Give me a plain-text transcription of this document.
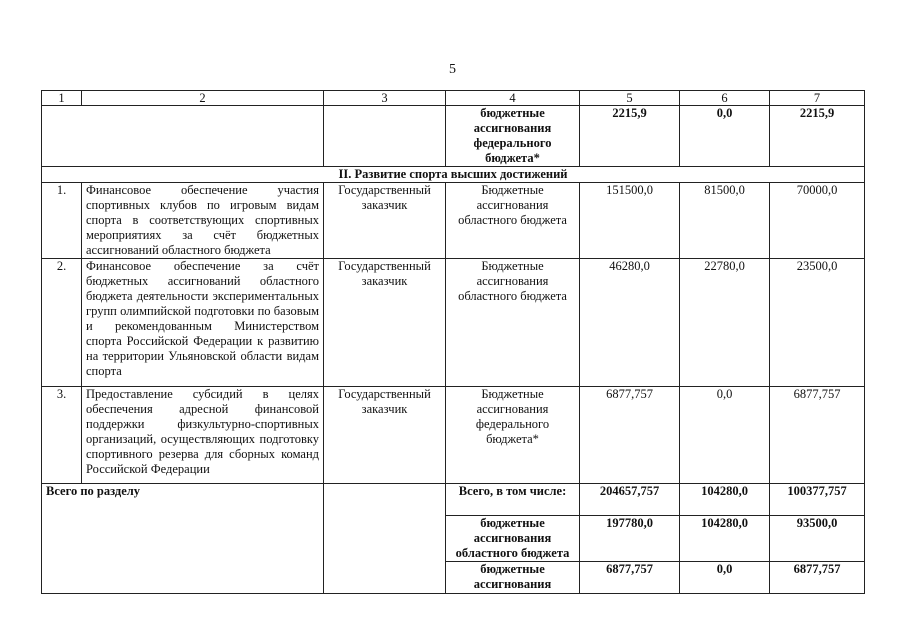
5
1	2	3	4	5	6	7
			бюджетные ассигнования федерального бюджета*	2215,9	0,0	2215,9
II. Развитие спорта высших достижений						
1.	Финансовое обеспечение участия спортивных клубов по игровым видам спорта в соответствующих спортивных мероприятиях за счёт бюджетных ассигнований областного бюджета	Государственный заказчик	Бюджетные ассигнования областного бюджета	151500,0	81500,0	70000,0
2.	Финансовое обеспечение за счёт бюджетных ассигнований областного бюджета деятельности экспериментальных групп олимпийской подготовки по базовым и рекомендованным Министерством спорта Российской Федерации к развитию на территории Ульяновской области видам спорта	Государственный заказчик	Бюджетные ассигнования областного бюджета	46280,0	22780,0	23500,0
3.	Предоставление субсидий в целях обеспечения адресной финансовой поддержки физкультурно-спортивных организаций, осуществляющих подготовку спортивного резерва для сборных команд Российской Федерации	Государственный заказчик	Бюджетные ассигнования федерального бюджета*	6877,757	0,0	6877,757
Всего по разделу			Всего, в том числе:	204657,757	104280,0	100377,757
			бюджетные ассигнования областного бюджета	197780,0	104280,0	93500,0
			бюджетные ассигнования	6877,757	0,0	6877,757
